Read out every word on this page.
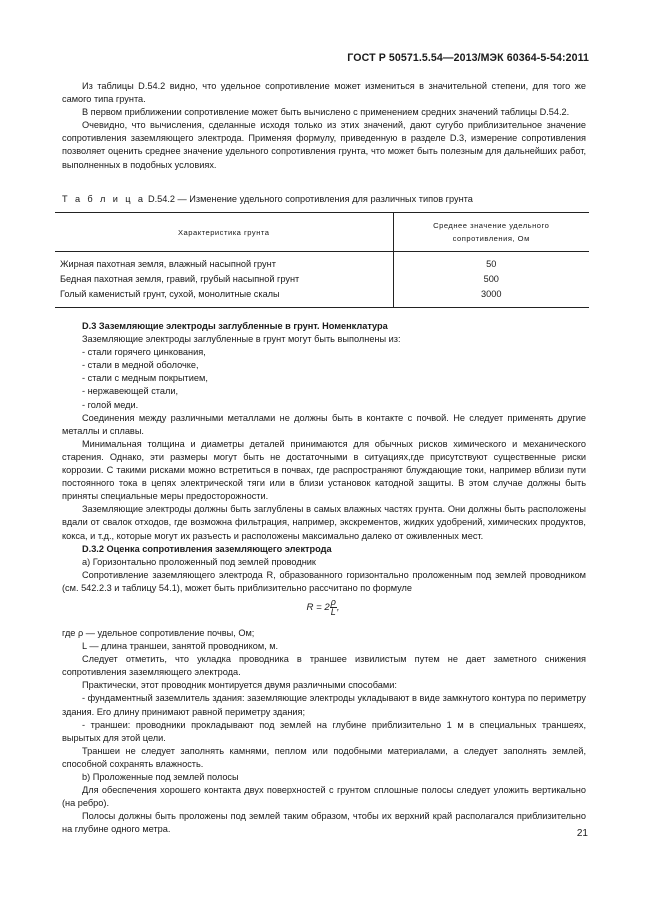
ГОСТ Р 50571.5.54—2013/МЭК 60364-5-54:2011

Из таблицы D.54.2 видно, что удельное сопротивление может измениться в значительной степени, для того же самого типа грунта.

В первом приближении сопротивление может быть вычислено с применением средних значений таблицы D.54.2.

Очевидно, что вычисления, сделанные исходя только из этих значений, дают сугубо приблизительное значение сопротивления заземляющего электрода. Применяя формулу, приведенную в разделе D.3, измерение сопротивления позволяет оценить среднее значение удельного сопротивления грунта, что может быть полезным для дальнейших работ, выполненных в подобных условиях.

Т а б л и ц а D.54.2 — Изменение удельного сопротивления для различных типов грунта
Характеристика грунта	Среднее значение удельного
сопротивления, Ом
Жирная пахотная земля, влажный насыпной грунт	50
Бедная пахотная земля, гравий, грубый насыпной грунт	500
Голый каменистый грунт, сухой, монолитные скалы	3000

D.3 Заземляющие электроды заглубленные в грунт. Номенклатура

Заземляющие электроды заглубленные в грунт могут быть выполнены из:

- стали горячего цинкования,

- стали в медной оболочке,

- стали с медным покрытием,

- нержавеющей стали,

- голой меди.

Соединения между различными металлами не должны быть в контакте с почвой. Не следует применять другие металлы и сплавы.

Минимальная толщина и диаметры деталей принимаются для обычных рисков химического и механического старения. Однако, эти размеры могут быть не достаточными в ситуациях,где присутствуют существенные риски коррозии. С такими рисками можно встретиться в почвах, где распространяют блуждающие токи, например вблизи пути постоянного тока в цепях электрической тяги или в близи установок катодной защиты. В этом случае должны быть приняты специальные меры предосторожности.

Заземляющие электроды должны быть заглублены в самых влажных частях грунта. Они должны быть расположены вдали от свалок отходов, где возможна фильтрация, например, экскрементов, жидких удобрений, химических продуктов, кокса, и т.д., которые могут их разъесть и расположены максимально далеко от оживленных мест.

D.3.2 Оценка сопротивления заземляющего электрода

а) Горизонтально проложенный под землей проводник

Сопротивление заземляющего электрода R, образованного горизонтально проложенным под землей проводником (см. 542.2.3 и таблицу 54.1), может быть приблизительно рассчитано по формуле

$R = 2 \frac{\rho}{L}$ ,

где ρ — удельное сопротивление почвы, Ом;

L — длина траншеи, занятой проводником, м.

Следует отметить, что укладка проводника в траншее извилистым путем не дает заметного снижения сопротивления заземляющего электрода.

Практически, этот проводник монтируется двумя различными способами:

- фундаментный заземлитель здания: заземляющие электроды укладывают в виде замкнутого контура по периметру здания. Его длину принимают равной периметру здания;

- траншеи: проводники прокладывают под землей на глубине приблизительно 1 м в специальных траншеях, вырытых для этой цели.

Траншеи не следует заполнять камнями, пеплом или подобными материалами, а следует заполнять землей, способной сохранять влажность.

b) Проложенные под землей полосы

Для обеспечения хорошего контакта двух поверхностей с грунтом сплошные полосы следует уложить вертикально (на ребро).

Полосы должны быть проложены под землей таким образом, чтобы их верхний край располагался приблизительно на глубине одного метра.	21
